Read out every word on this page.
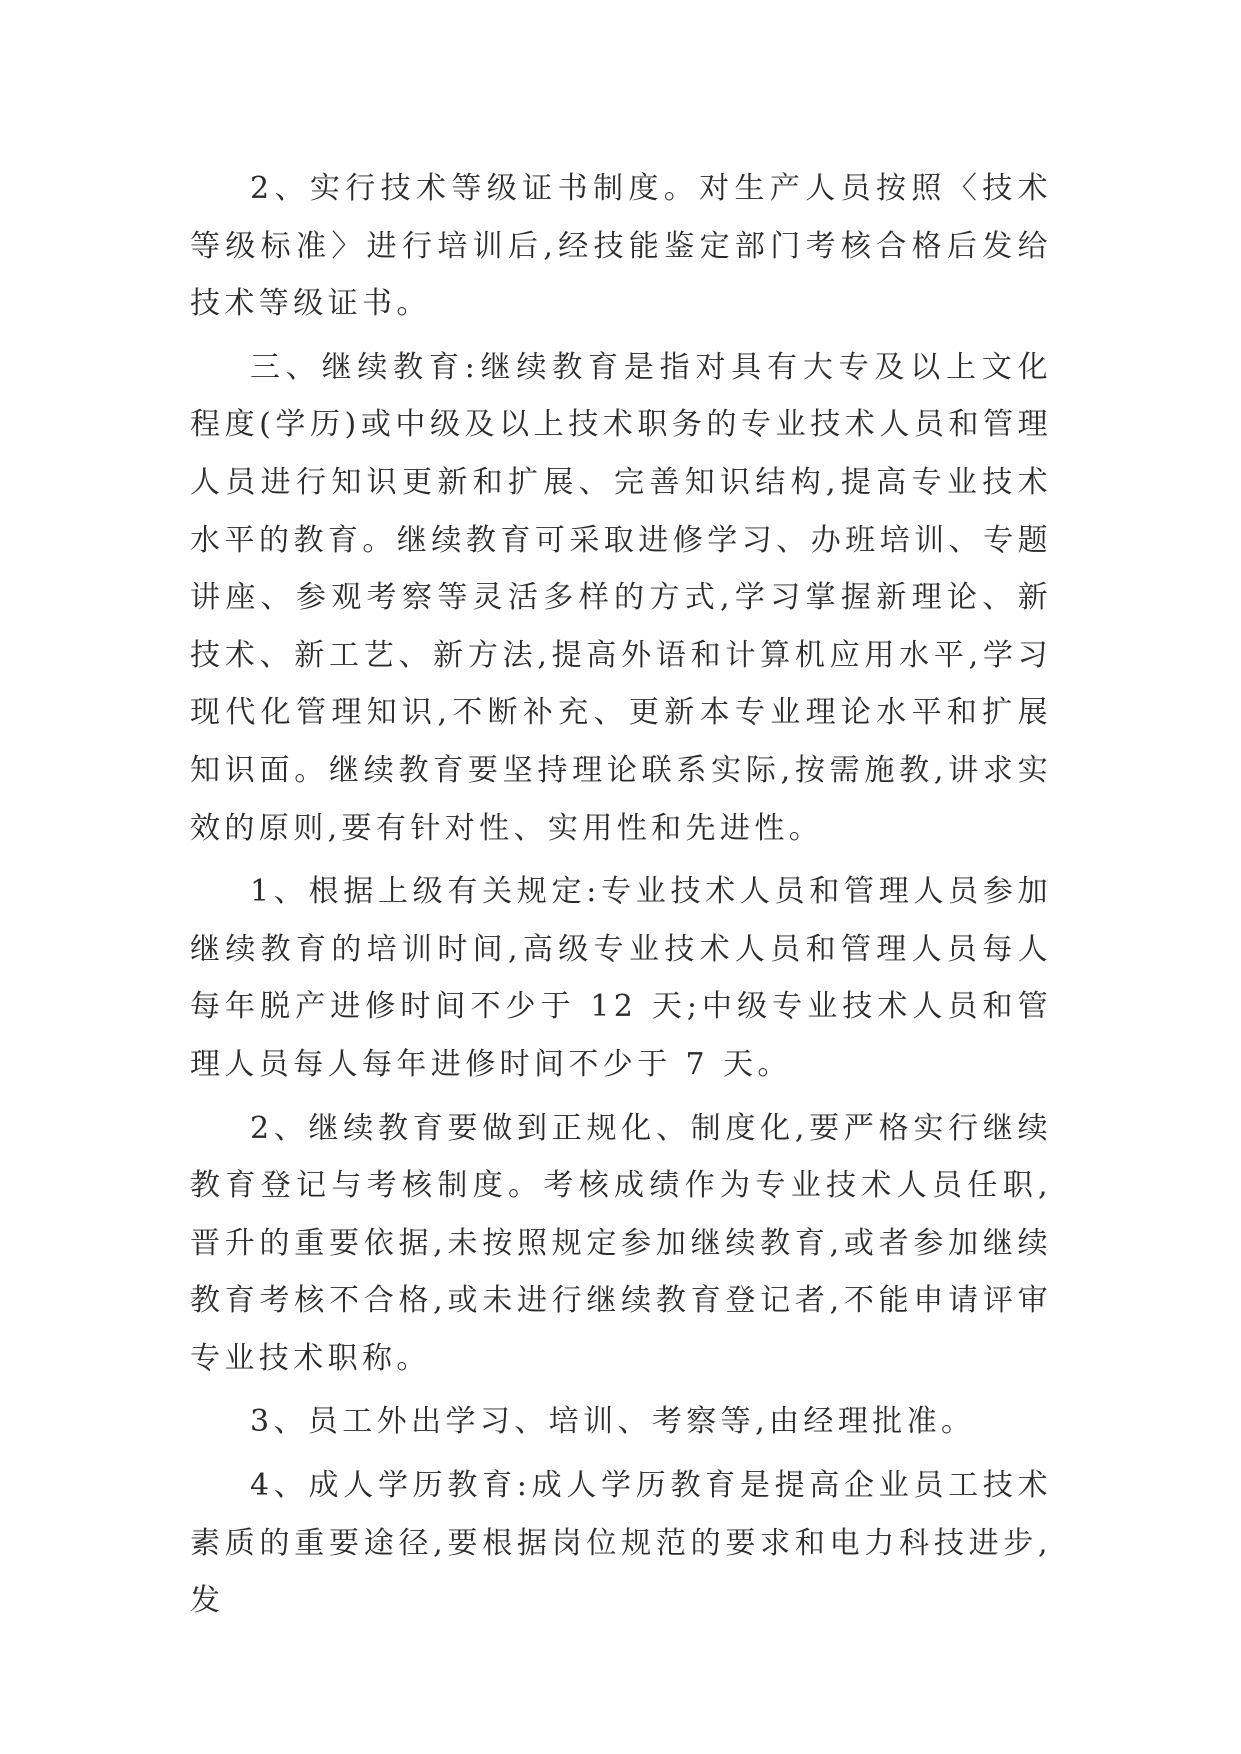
2、实行技术等级证书制度。对生产人员按照〈技术等级标准〉进行培训后,经技能鉴定部门考核合格后发给技术等级证书。

三、继续教育:继续教育是指对具有大专及以上文化程度(学历)或中级及以上技术职务的专业技术人员和管理人员进行知识更新和扩展、完善知识结构,提高专业技术水平的教育。继续教育可采取进修学习、办班培训、专题讲座、参观考察等灵活多样的方式,学习掌握新理论、新技术、新工艺、新方法,提高外语和计算机应用水平,学习现代化管理知识,不断补充、更新本专业理论水平和扩展知识面。继续教育要坚持理论联系实际,按需施教,讲求实效的原则,要有针对性、实用性和先进性。

1、根据上级有关规定:专业技术人员和管理人员参加继续教育的培训时间,高级专业技术人员和管理人员每人每年脱产进修时间不少于 12 天;中级专业技术人员和管理人员每人每年进修时间不少于 7 天。

2、继续教育要做到正规化、制度化,要严格实行继续教育登记与考核制度。考核成绩作为专业技术人员任职,晋升的重要依据,未按照规定参加继续教育,或者参加继续教育考核不合格,或未进行继续教育登记者,不能申请评审专业技术职称。

3、员工外出学习、培训、考察等,由经理批准。

4、成人学历教育:成人学历教育是提高企业员工技术素质的重要途径,要根据岗位规范的要求和电力科技进步, 发
